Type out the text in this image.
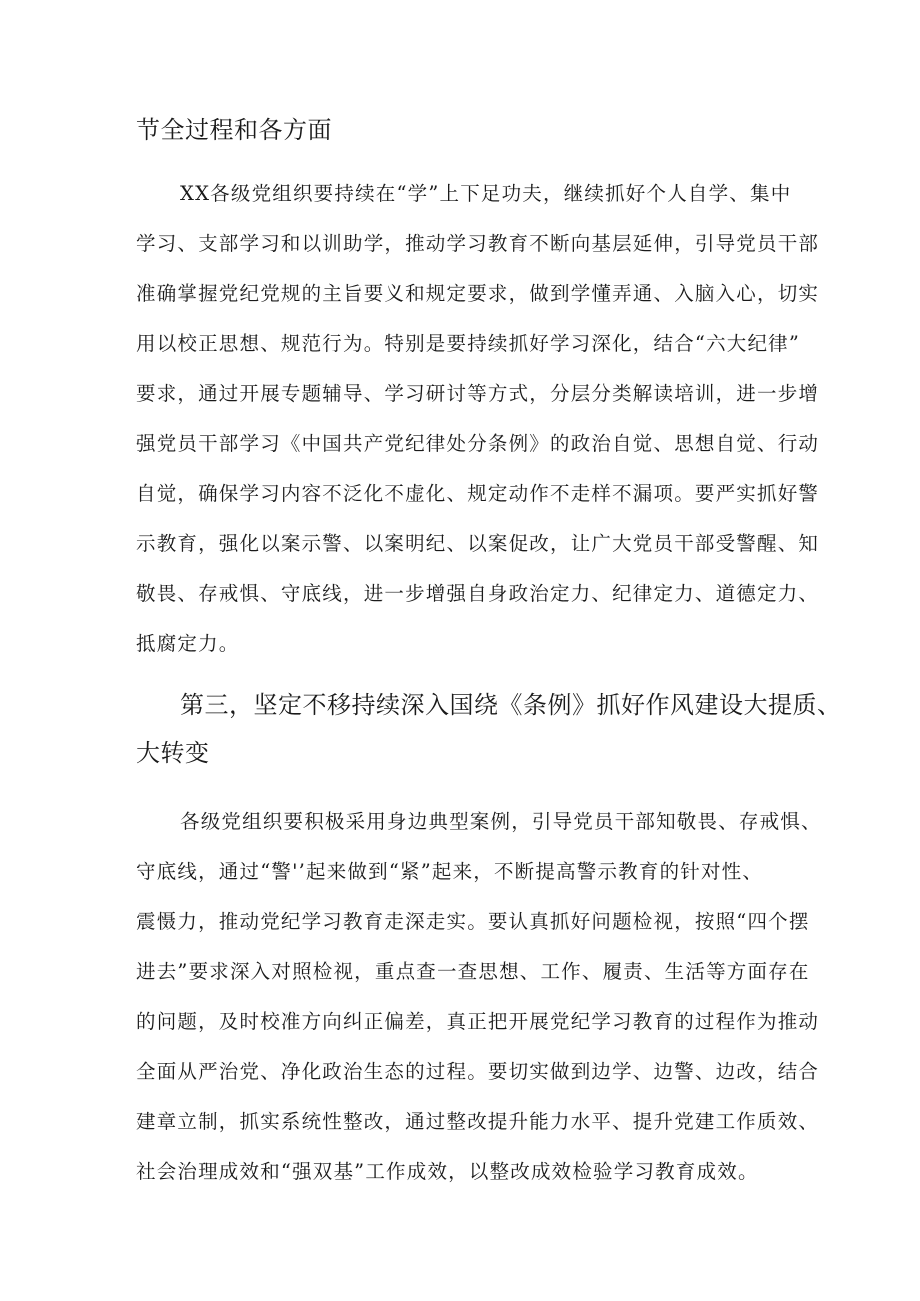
节全过程和各方面

XX各级党组织要持续在“学”上下足功夫，继续抓好个人自学、集中

学习、支部学习和以训助学，推动学习教育不断向基层延伸，引导党员干部

准确掌握党纪党规的主旨要义和规定要求，做到学懂弄通、入脑入心，切实

用以校正思想、规范行为。特别是要持续抓好学习深化，结合“六大纪律”

要求，通过开展专题辅导、学习研讨等方式，分层分类解读培训，进一步增

强党员干部学习《中国共产党纪律处分条例》的政治自觉、思想自觉、行动

自觉，确保学习内容不泛化不虚化、规定动作不走样不漏项。要严实抓好警

示教育，强化以案示警、以案明纪、以案促改，让广大党员干部受警醒、知

敬畏、存戒惧、守底线，进一步增强自身政治定力、纪律定力、道德定力、

抵腐定力。

第三，坚定不移持续深入国绕《条例》抓好作风建设大提质、
大转变

各级党组织要积极采用身边典型案例，引导党员干部知敬畏、存戒惧、

守底线，通过“警'’起来做到“紧”起来，不断提高警示教育的针对性、

震慑力，推动党纪学习教育走深走实。要认真抓好问题检视，按照“四个摆

进去”要求深入对照检视，重点查一查思想、工作、履责、生活等方面存在

的问题，及时校准方向纠正偏差，真正把开展党纪学习教育的过程作为推动

全面从严治党、净化政治生态的过程。要切实做到边学、边警、边改，结合

建章立制，抓实系统性整改，通过整改提升能力水平、提升党建工作质效、

社会治理成效和“强双基”工作成效，以整改成效检验学习教育成效。
